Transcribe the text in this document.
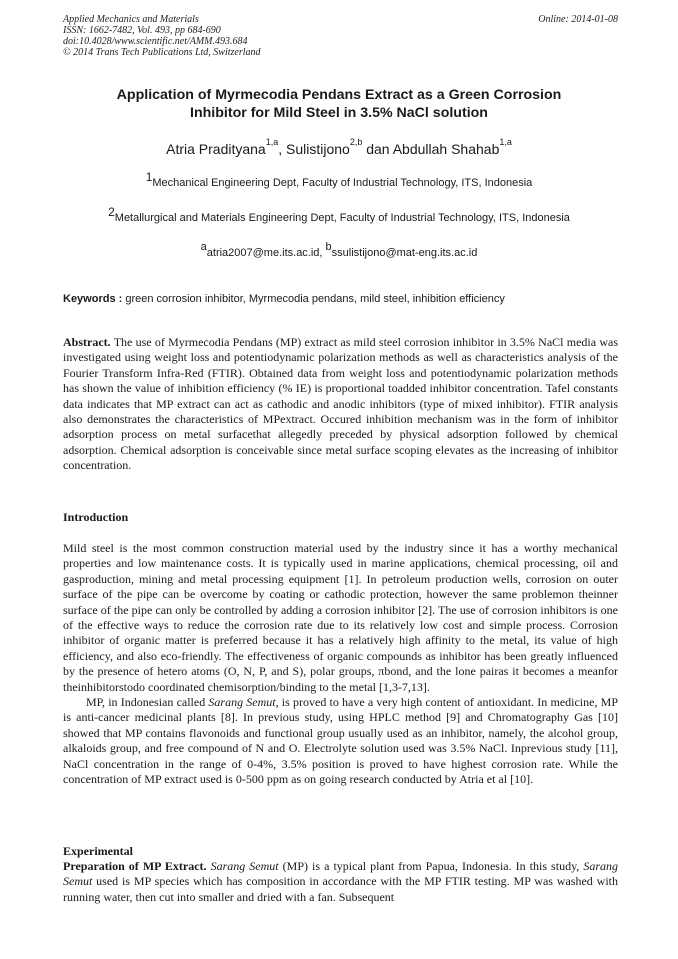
Applied Mechanics and Materials
ISSN: 1662-7482, Vol. 493, pp 684-690
doi:10.4028/www.scientific.net/AMM.493.684
© 2014 Trans Tech Publications Ltd, Switzerland
Online: 2014-01-08
Application of Myrmecodia Pendans Extract as a Green Corrosion
Inhibitor for Mild Steel in 3.5% NaCl solution
Atria Pradityana$^{1,a}$, Sulistijono$^{2,b}$ dan Abdullah Shahab$^{1,a}$
$^1$Mechanical Engineering Dept, Faculty of Industrial Technology, ITS, Indonesia
$^2$Metallurgical and Materials Engineering Dept, Faculty of Industrial Technology, ITS, Indonesia
$^a$atria2007@me.its.ac.id, $^b$ssulistijono@mat-eng.its.ac.id
Keywords : green corrosion inhibitor, Myrmecodia pendans, mild steel, inhibition efficiency

Abstract. The use of Myrmecodia Pendans (MP) extract as mild steel corrosion inhibitor in 3.5% NaCl media was investigated using weight loss and potentiodynamic polarization methods as well as characteristics analysis of the Fourier Transform Infra-Red (FTIR). Obtained data from weight loss and potentiodynamic polarization methods has shown the value of inhibition efficiency (% IE) is proportional toadded inhibitor concentration. Tafel constants data indicates that MP extract can act as cathodic and anodic inhibitors (type of mixed inhibitor). FTIR analysis also demonstrates the characteristics of MPextract. Occured inhibition mechanism was in the form of inhibitor adsorption process on metal surfacethat allegedly preceded by physical adsorption followed by chemical adsorption. Chemical adsorption is conceivable since metal surface scoping elevates as the increasing of inhibitor concentration.

Introduction

Mild steel is the most common construction material used by the industry since it has a worthy mechanical properties and low maintenance costs. It is typically used in marine applications, chemical processing, oil and gasproduction, mining and metal processing equipment [1]. In petroleum production wells, corrosion on outer surface of the pipe can be overcome by coating or cathodic protection, however the same problemon theinner surface of the pipe can only be controlled by adding a corrosion inhibitor [2]. The use of corrosion inhibitors is one of the effective ways to reduce the corrosion rate due to its relatively low cost and simple process. Corrosion inhibitor of organic matter is preferred because it has a relatively high affinity to the metal, its value of high efficiency, and also eco-friendly. The effectiveness of organic compounds as inhibitor has been greatly influenced by the presence of hetero atoms (O, N, P, and S), polar groups, πbond, and the lone pairas it becomes a meanfor theinhibitorstodo coordinated chemisorption/binding to the metal [1,3-7,13].

MP, in Indonesian called Sarang Semut, is proved to have a very high content of antioxidant. In medicine, MP is anti-cancer medicinal plants [8]. In previous study, using HPLC method [9] and Chromatography Gas [10] showed that MP contains flavonoids and functional group usually used as an inhibitor, namely, the alcohol group, alkaloids group, and free compound of N and O. Electrolyte solution used was 3.5% NaCl. Inprevious study [11], NaCl concentration in the range of 0-4%, 3.5% position is proved to have highest corrosion rate. While the concentration of MP extract used is 0-500 ppm as on going research conducted by Atria et al [10].

Experimental

Preparation of MP Extract. Sarang Semut (MP) is a typical plant from Papua, Indonesia. In this study, Sarang Semut used is MP species which has composition in accordance with the MP FTIR testing. MP was washed with running water, then cut into smaller and dried with a fan. Subsequent
